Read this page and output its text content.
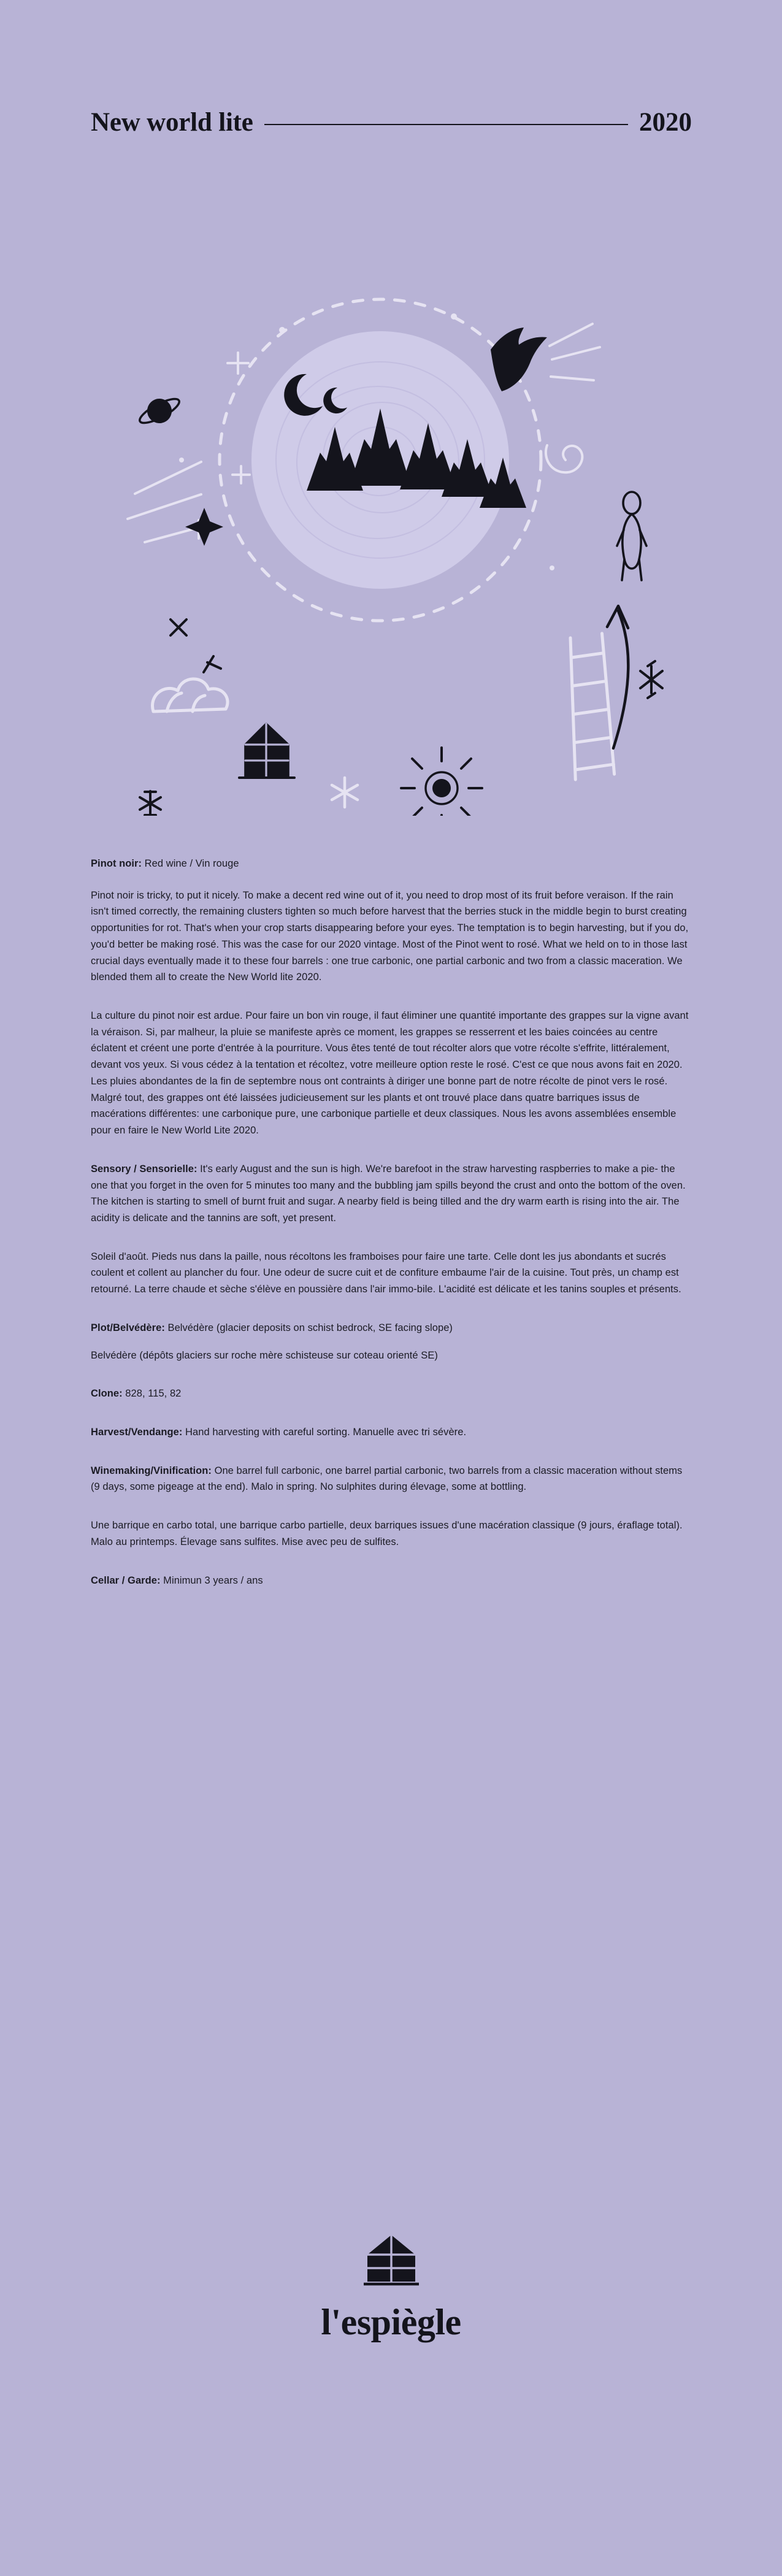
New world lite	2020

Pinot noir: Red wine / Vin rouge

Pinot noir is tricky, to put it nicely. To make a decent red wine out of it, you need to drop most of its fruit before veraison. If the rain isn't timed correctly, the remaining clusters tighten so much before harvest that the berries stuck in the middle begin to burst creating opportunities for rot. That's when your crop starts disappearing before your eyes. The temptation is to begin harvesting, but if you do, you'd better be making rosé. This was the case for our 2020 vintage. Most of the Pinot went to rosé. What we held on to in those last crucial days eventually made it to these four barrels : one true carbonic, one partial carbonic and two from a classic maceration. We blended them all to create the New World lite 2020.

La culture du pinot noir est ardue. Pour faire un bon vin rouge, il faut éliminer une quantité importante des grappes sur la vigne avant la véraison. Si, par malheur, la pluie se manifeste après ce moment, les grappes se resserrent et les baies coincées au centre éclatent et créent une porte d'entrée à la pourriture. Vous êtes tenté de tout récolter alors que votre récolte s'effrite, littéralement, devant vos yeux. Si vous cédez à la tentation et récoltez, votre meilleure option reste le rosé. C'est ce que nous avons fait en 2020. Les pluies abondantes de la fin de septembre nous ont contraints à diriger une bonne part de notre récolte de pinot vers le rosé. Malgré tout, des grappes ont été laissées judicieusement sur les plants et ont trouvé place dans quatre barriques issus de macérations différentes: une carbonique pure, une carbonique partielle et deux classiques. Nous les avons assemblées ensemble pour en faire le New World Lite 2020.

Sensory / Sensorielle: It's early August and the sun is high. We're barefoot in the straw harvesting raspberries to make a pie- the one that you forget in the oven for 5 minutes too many and the bubbling jam spills beyond the crust and onto the bottom of the oven. The kitchen is starting to smell of burnt fruit and sugar. A nearby field is being tilled and the dry warm earth is rising into the air. The acidity is delicate and the tannins are soft, yet present.

Soleil d'août. Pieds nus dans la paille, nous récoltons les framboises pour faire une tarte. Celle dont les jus abondants et sucrés coulent et collent au plancher du four. Une odeur de sucre cuit et de confiture embaume l'air de la cuisine. Tout près, un champ est retourné. La terre chaude et sèche s'élève en poussière dans l'air immo-bile. L'acidité est délicate et les tanins souples et présents.

Plot/Belvédère: Belvédère (glacier deposits on schist bedrock, SE facing slope)

Belvédère (dépôts glaciers sur roche mère schisteuse sur coteau orienté SE)

Clone: 828, 115, 82

Harvest/Vendange: Hand harvesting with careful sorting. Manuelle avec tri sévère.

Winemaking/Vinification: One barrel full carbonic, one barrel partial carbonic, two barrels from a classic maceration without stems (9 days, some pigeage at the end). Malo in spring. No sulphites during élevage, some at bottling.

Une barrique en carbo total, une barrique carbo partielle, deux barriques issues d'une macération classique (9 jours, éraflage total). Malo au printemps. Élevage sans sulfites. Mise avec peu de sulfites.

Cellar / Garde: Minimun 3 years / ans

l'espiègle
